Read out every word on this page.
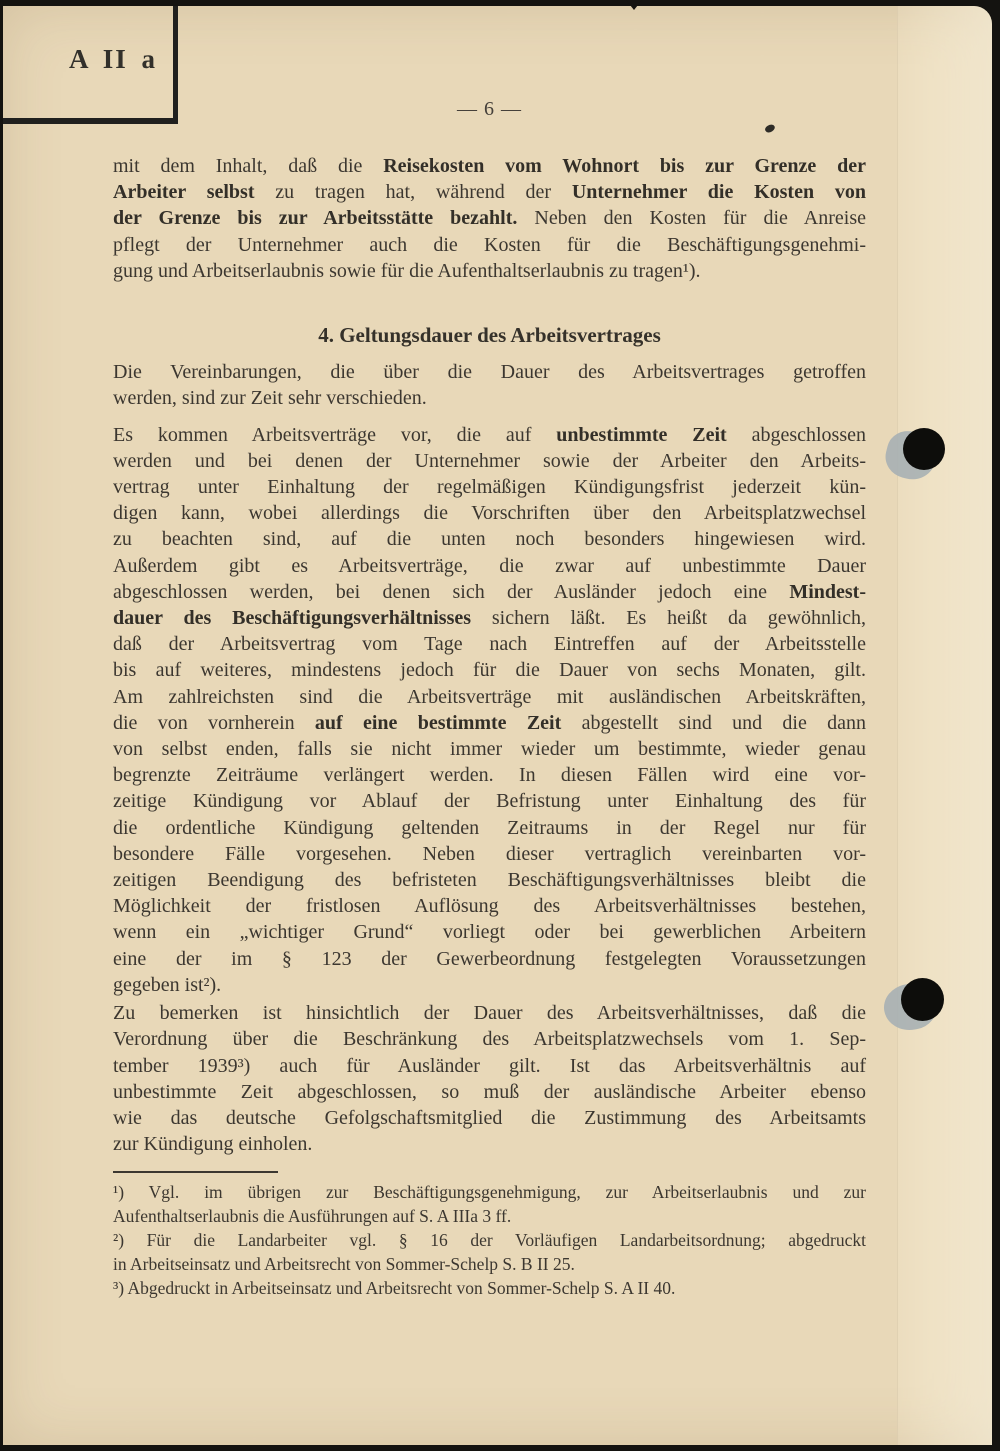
A II a
— 6 —
mit dem Inhalt, daß die Reisekosten vom Wohnort bis zur Grenze der
Arbeiter selbst zu tragen hat, während der Unternehmer die Kosten von
der Grenze bis zur Arbeitsstätte bezahlt. Neben den Kosten für die Anreise
pflegt der Unternehmer auch die Kosten für die Beschäftigungsgenehmi-
gung und Arbeitserlaubnis sowie für die Aufenthaltserlaubnis zu tragen¹).
4. Geltungsdauer des Arbeitsvertrages
Die Vereinbarungen, die über die Dauer des Arbeitsvertrages getroffen
werden, sind zur Zeit sehr verschieden.
Es kommen Arbeitsverträge vor, die auf unbestimmte Zeit abgeschlossen
werden und bei denen der Unternehmer sowie der Arbeiter den Arbeits-
vertrag unter Einhaltung der regelmäßigen Kündigungsfrist jederzeit kün-
digen kann, wobei allerdings die Vorschriften über den Arbeitsplatzwechsel
zu beachten sind, auf die unten noch besonders hingewiesen wird.
Außerdem gibt es Arbeitsverträge, die zwar auf unbestimmte Dauer
abgeschlossen werden, bei denen sich der Ausländer jedoch eine Mindest-
dauer des Beschäftigungsverhältnisses sichern läßt. Es heißt da gewöhnlich,
daß der Arbeitsvertrag vom Tage nach Eintreffen auf der Arbeitsstelle
bis auf weiteres, mindestens jedoch für die Dauer von sechs Monaten, gilt.
Am zahlreichsten sind die Arbeitsverträge mit ausländischen Arbeitskräften,
die von vornherein auf eine bestimmte Zeit abgestellt sind und die dann
von selbst enden, falls sie nicht immer wieder um bestimmte, wieder genau
begrenzte Zeiträume verlängert werden. In diesen Fällen wird eine vor-
zeitige Kündigung vor Ablauf der Befristung unter Einhaltung des für
die ordentliche Kündigung geltenden Zeitraums in der Regel nur für
besondere Fälle vorgesehen. Neben dieser vertraglich vereinbarten vor-
zeitigen Beendigung des befristeten Beschäftigungsverhältnisses bleibt die
Möglichkeit der fristlosen Auflösung des Arbeitsverhältnisses bestehen,
wenn ein „wichtiger Grund“ vorliegt oder bei gewerblichen Arbeitern
eine der im § 123 der Gewerbeordnung festgelegten Voraussetzungen
gegeben ist²).
Zu bemerken ist hinsichtlich der Dauer des Arbeitsverhältnisses, daß die
Verordnung über die Beschränkung des Arbeitsplatzwechsels vom 1. Sep-
tember 1939³) auch für Ausländer gilt. Ist das Arbeitsverhältnis auf
unbestimmte Zeit abgeschlossen, so muß der ausländische Arbeiter ebenso
wie das deutsche Gefolgschaftsmitglied die Zustimmung des Arbeitsamts
zur Kündigung einholen.
¹) Vgl. im übrigen zur Beschäftigungsgenehmigung, zur Arbeitserlaubnis und zur
Aufenthaltserlaubnis die Ausführungen auf S. A IIIa 3 ff.
²) Für die Landarbeiter vgl. § 16 der Vorläufigen Landarbeitsordnung; abgedruckt
in Arbeitseinsatz und Arbeitsrecht von Sommer-Schelp S. B II 25.
³) Abgedruckt in Arbeitseinsatz und Arbeitsrecht von Sommer-Schelp S. A II 40.
